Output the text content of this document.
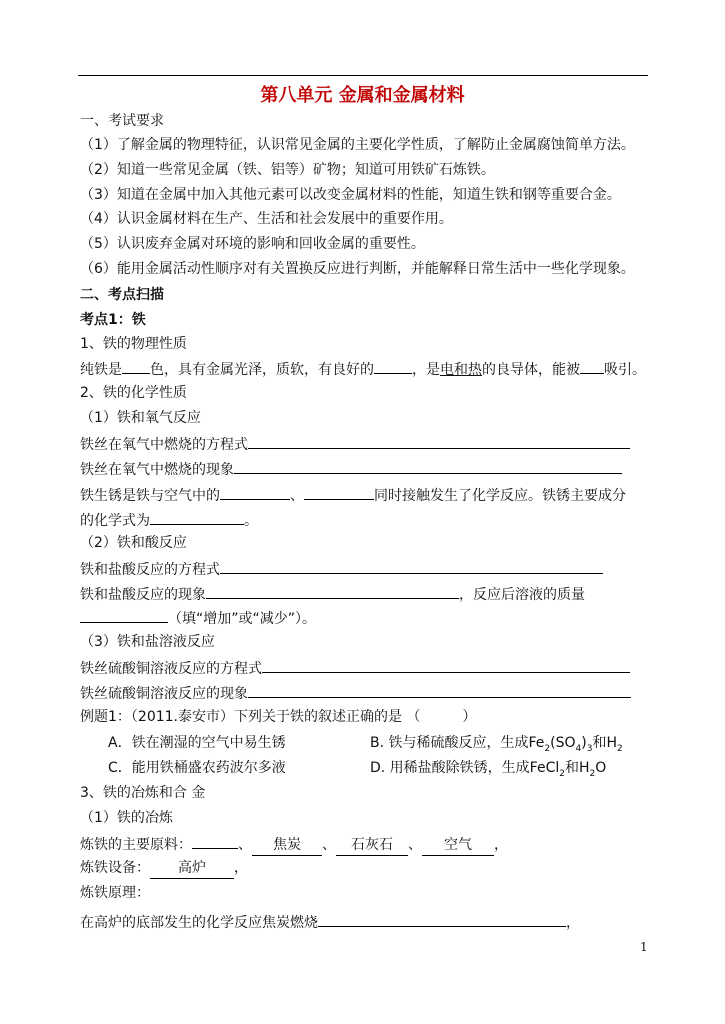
第八单元 金属和金属材料
一、考试要求
（1）了解金属的物理特征，认识常见金属的主要化学性质，了解防止金属腐蚀简单方法。
（2）知道一些常见金属（铁、铝等）矿物；知道可用铁矿石炼铁。
（3）知道在金属中加入其他元素可以改变金属材料的性能，知道生铁和钢等重要合金。
（4）认识金属材料在生产、生活和社会发展中的重要作用。
（5）认识废弃金属对环境的影响和回收金属的重要性。
（6）能用金属活动性顺序对有关置换反应进行判断，并能解释日常生活中一些化学现象。
二、考点扫描
考点1：铁
1、铁的物理性质
纯铁是 色，具有金属光泽，质软，有良好的	，是电和热的良导体，能被 吸引。
2、铁的化学性质
（1）铁和氧气反应
铁丝在氧气中燃烧的方程式
铁丝在氧气中燃烧的现象
铁生锈是铁与空气中的	、	同时接触发生了化学反应。铁锈主要成分
的化学式为	。
（2）铁和酸反应
铁和盐酸反应的方程式
铁和盐酸反应的现象	，反应后溶液的质量
（填“增加”或“减少”）。
（3）铁和盐溶液反应
铁丝硫酸铜溶液反应的方程式
铁丝硫酸铜溶液反应的现象
例题1：（2011.泰安市）下列关于铁的叙述正确的是 （　　　）
A．铁在潮湿的空气中易生锈	B. 铁与稀硫酸反应，生成$Fe_2(SO_4)_3$和$H_2$
C．能用铁桶盛农药波尔多液	D. 用稀盐酸除铁锈，生成FeCl$_2$和$H_2O$
3、铁的冶炼和合 金
（1）铁的冶炼
炼铁的主要原料：	、 焦炭 、 石灰石 、 空气 ，
炼铁设备： 高炉 ，
炼铁原理：
在高炉的底部发生的化学反应焦炭燃烧	，
1
